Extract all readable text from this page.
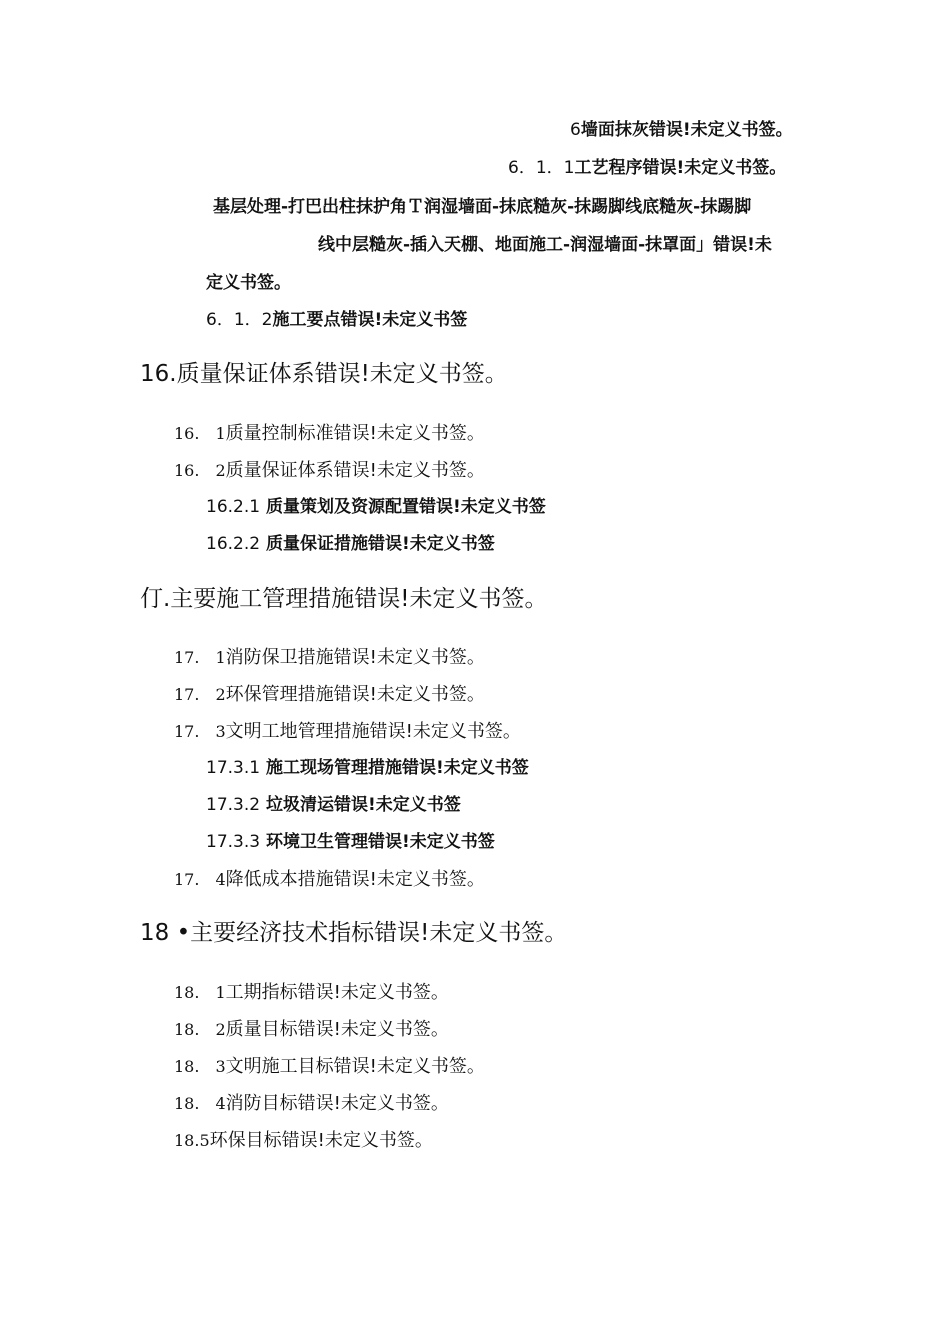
6墙面抹灰错误!未定义书签。
6．1．1工艺程序错误!未定义书签。
基层处理-打巴出柱抹护角Ｔ润湿墙面-抹底糙灰-抹踢脚线底糙灰-抹踢脚
线中层糙灰-插入天棚、地面施工-润湿墙面-抹罩面」错误!未
定义书签。
6．1．2施工要点错误!未定义书签
16.质量保证体系错误!未定义书签。
16.　1质量控制标准错误!未定义书签。
16.　2质量保证体系错误!未定义书签。
16.2.1 质量策划及资源配置错误!未定义书签
16.2.2 质量保证措施错误!未定义书签
仃.主要施工管理措施错误!未定义书签。
17.　1消防保卫措施错误!未定义书签。
17.　2环保管理措施错误!未定义书签。
17.　3文明工地管理措施错误!未定义书签。
17.3.1 施工现场管理措施错误!未定义书签
17.3.2 垃圾清运错误!未定义书签
17.3.3 环境卫生管理错误!未定义书签
17.　4降低成本措施错误!未定义书签。
18 •主要经济技术指标错误!未定义书签。
18.　1工期指标错误!未定义书签。
18.　2质量目标错误!未定义书签。
18.　3文明施工目标错误!未定义书签。
18.　4消防目标错误!未定义书签。
18.5环保目标错误!未定义书签。
